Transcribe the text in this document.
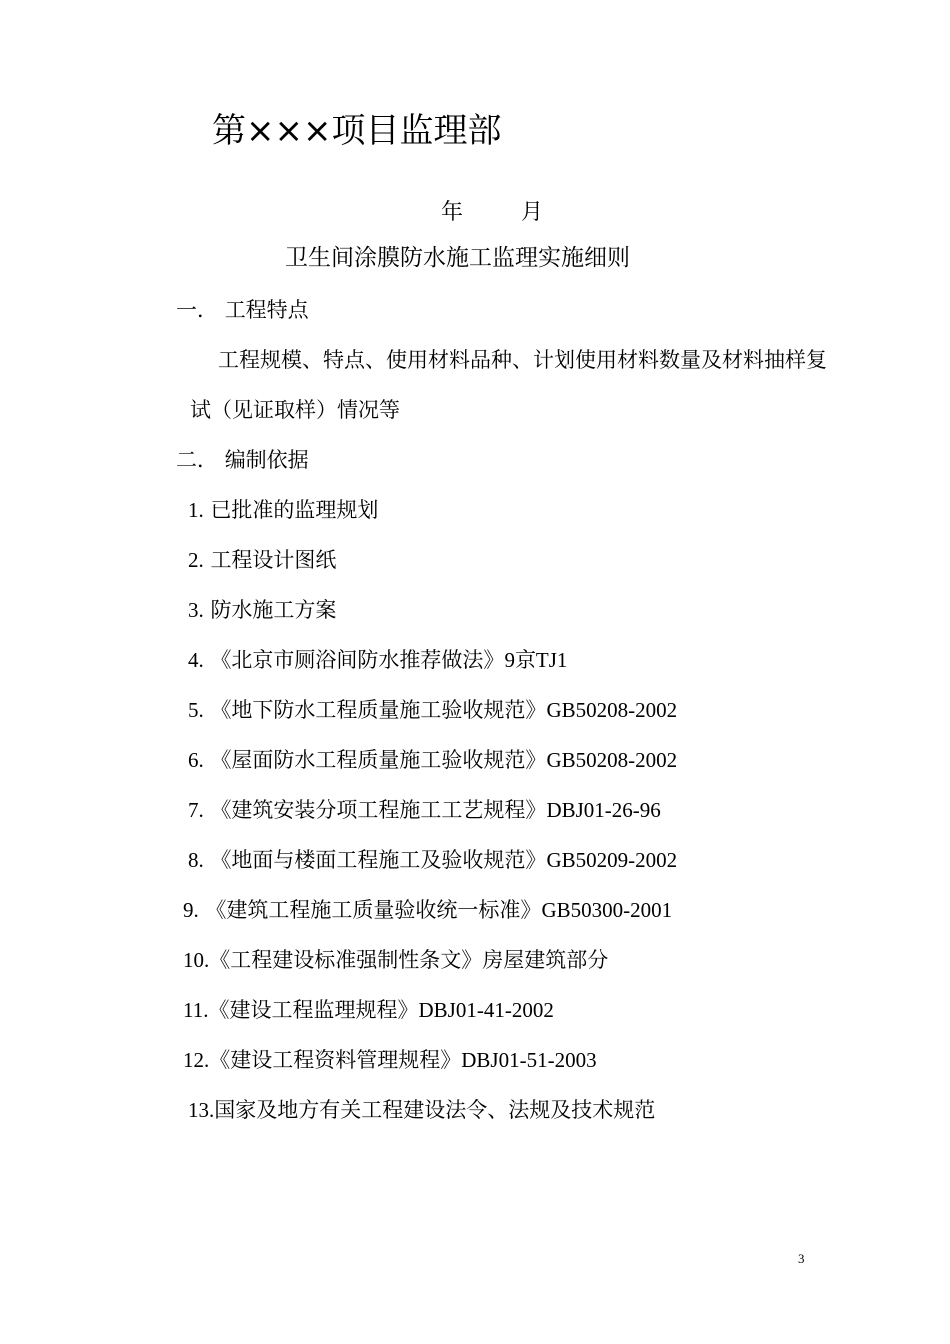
第×××项目监理部
年	月
卫生间涂膜防水施工监理实施细则
一． 工程特点
工程规模、特点、使用材料品种、计划使用材料数量及材料抽样复
试（见证取样）情况等
二． 编制依据
1. 已批准的监理规划
2. 工程设计图纸
3. 防水施工方案
4. 《北京市厕浴间防水推荐做法》9京TJ1
5. 《地下防水工程质量施工验收规范》GB50208-2002
6. 《屋面防水工程质量施工验收规范》GB50208-2002
7. 《建筑安装分项工程施工工艺规程》DBJ01-26-96
8. 《地面与楼面工程施工及验收规范》GB50209-2002
9. 《建筑工程施工质量验收统一标准》GB50300-2001
10.《工程建设标准强制性条文》房屋建筑部分
11.《建设工程监理规程》DBJ01-41-2002
12.《建设工程资料管理规程》DBJ01-51-2003
13.国家及地方有关工程建设法令、法规及技术规范
3
